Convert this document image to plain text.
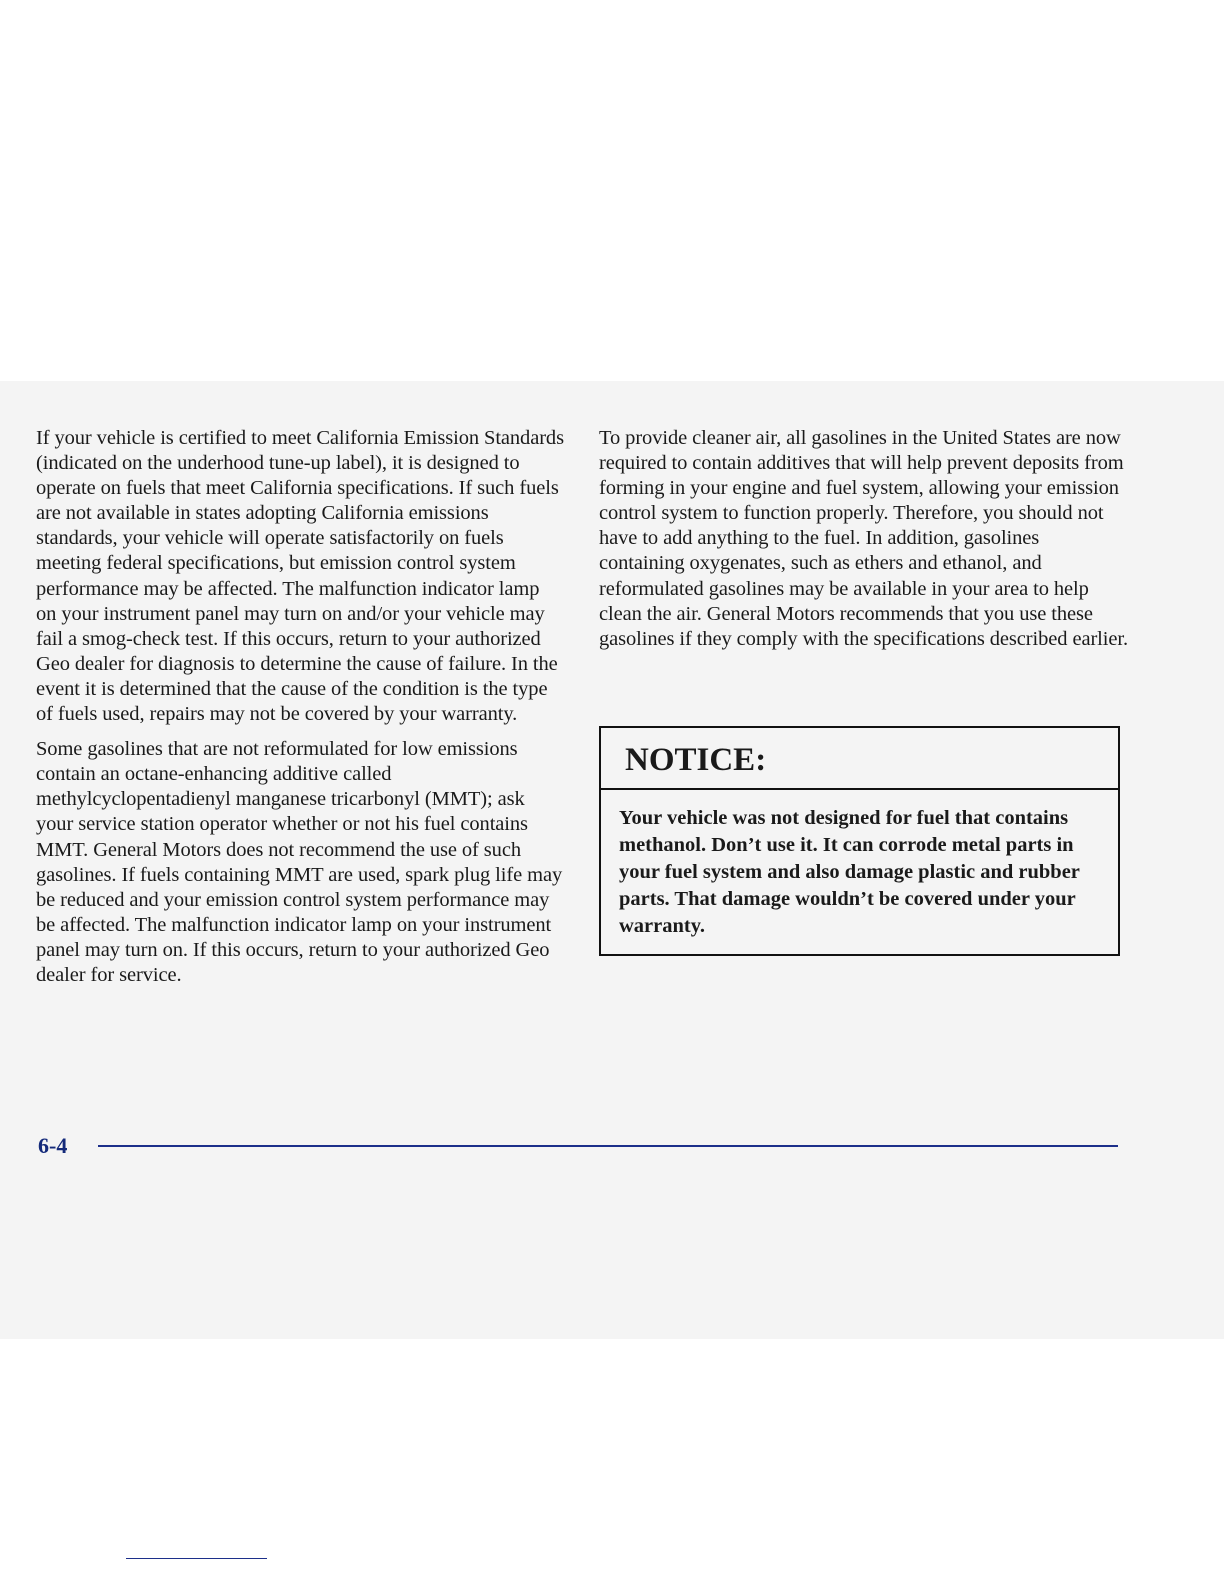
If your vehicle is certified to meet California Emission Standards (indicated on the underhood tune-up label), it is designed to operate on fuels that meet California specifications. If such fuels are not available in states adopting California emissions standards, your vehicle will operate satisfactorily on fuels meeting federal specifications, but emission control system performance may be affected. The malfunction indicator lamp on your instrument panel may turn on and/or your vehicle may fail a smog-check test. If this occurs, return to your authorized Geo dealer for diagnosis to determine the cause of failure. In the event it is determined that the cause of the condition is the type of fuels used, repairs may not be covered by your warranty.

Some gasolines that are not reformulated for low emissions contain an octane-enhancing additive called methylcyclopentadienyl manganese tricarbonyl (MMT); ask your service station operator whether or not his fuel contains MMT. General Motors does not recommend the use of such gasolines. If fuels containing MMT are used, spark plug life may be reduced and your emission control system performance may be affected. The malfunction indicator lamp on your instrument panel may turn on. If this occurs, return to your authorized Geo dealer for service.

To provide cleaner air, all gasolines in the United States are now required to contain additives that will help prevent deposits from forming in your engine and fuel system, allowing your emission control system to function properly. Therefore, you should not have to add anything to the fuel. In addition, gasolines containing oxygenates, such as ethers and ethanol, and reformulated gasolines may be available in your area to help clean the air. General Motors recommends that you use these gasolines if they comply with the specifications described earlier.

NOTICE:
Your vehicle was not designed for fuel that contains methanol. Don’t use it. It can corrode metal parts in your fuel system and also damage plastic and rubber parts. That damage wouldn’t be covered under your warranty.
6-4
